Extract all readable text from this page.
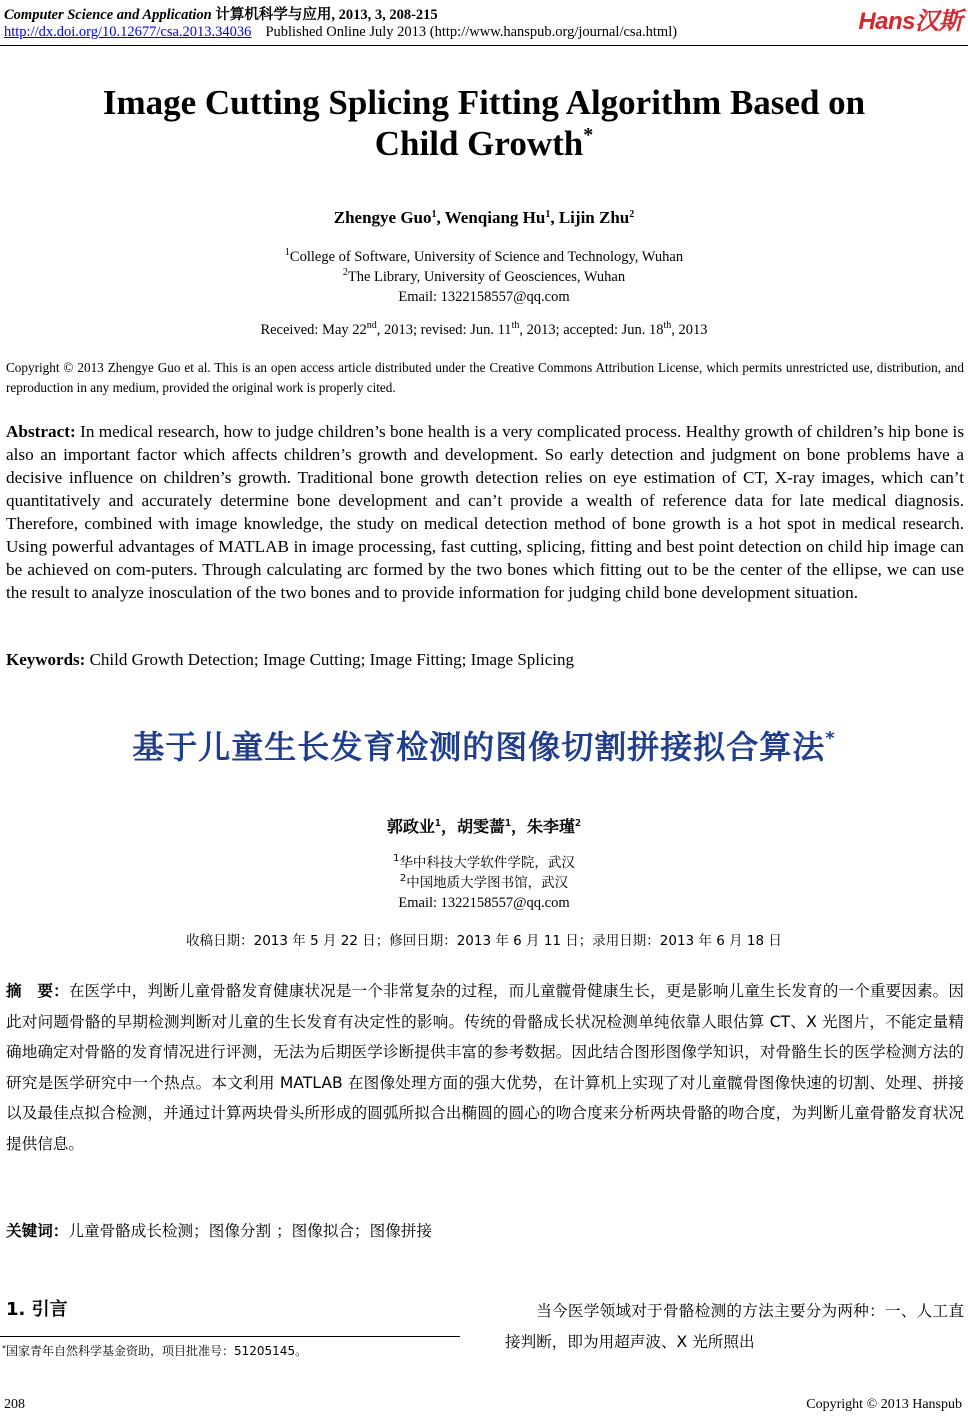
Computer Science and Application 计算机科学与应用, 2013, 3, 208-215
http://dx.doi.org/10.12677/csa.2013.34036 Published Online July 2013 (http://www.hanspub.org/journal/csa.html)	Hans汉斯
Image Cutting Splicing Fitting Algorithm Based on
Child Growth*
Zhengye Guo$^1$, Wenqiang Hu$^1$, Lijin Zhu$^2$
$^1$College of Software, University of Science and Technology, Wuhan
$^2$The Library, University of Geosciences, Wuhan
Email: 1322158557@qq.com
Received: May 22nd, 2013; revised: Jun. 11th, 2013; accepted: Jun. 18th, 2013
Copyright © 2013 Zhengye Guo et al. This is an open access article distributed under the Creative Commons Attribution License, which permits unrestricted use, distribution, and reproduction in any medium, provided the original work is properly cited.
Abstract: In medical research, how to judge children’s bone health is a very complicated process. Healthy growth of children’s hip bone is also an important factor which affects children’s growth and development. So early detection and judgment on bone problems have a decisive influence on children’s growth. Traditional bone growth detection relies on eye estimation of CT, X-ray images, which can’t quantitatively and accurately determine bone development and can’t provide a wealth of reference data for late medical diagnosis. Therefore, combined with image knowledge, the study on medical detection method of bone growth is a hot spot in medical research. Using powerful advantages of MATLAB in image processing, fast cutting, splicing, fitting and best point detection on child hip image can be achieved on com-puters. Through calculating arc formed by the two bones which fitting out to be the center of the ellipse, we can use the result to analyze inosculation of the two bones and to provide information for judging child bone development situation.
Keywords: Child Growth Detection; Image Cutting; Image Fitting; Image Splicing
基于儿童生长发育检测的图像切割拼接拟合算法*
郭政业$^1$，胡雯蔷$^1$，朱李瑾$^2$
$^1$华中科技大学软件学院，武汉
$^2$中国地质大学图书馆，武汉
Email: 1322158557@qq.com
收稿日期：2013 年 5 月 22 日；修回日期：2013 年 6 月 11 日；录用日期：2013 年 6 月 18 日
摘　要：在医学中，判断儿童骨骼发育健康状况是一个非常复杂的过程，而儿童髋骨健康生长，更是影响儿童生长发育的一个重要因素。因此对问题骨骼的早期检测判断对儿童的生长发育有决定性的影响。传统的骨骼成长状况检测单纯依靠人眼估算 CT、X 光图片，不能定量精确地确定对骨骼的发育情况进行评测，无法为后期医学诊断提供丰富的参考数据。因此结合图形图像学知识，对骨骼生长的医学检测方法的研究是医学研究中一个热点。本文利用 MATLAB 在图像处理方面的强大优势，在计算机上实现了对儿童髋骨图像快速的切割、处理、拼接以及最佳点拟合检测，并通过计算两块骨头所形成的圆弧所拟合出椭圆的圆心的吻合度来分析两块骨骼的吻合度，为判断儿童骨骼发育状况提供信息。
关键词：儿童骨骼成长检测；图像分割 ；图像拟合；图像拼接
1. 引言
*国家青年自然科学基金资助，项目批准号：51205145。
当今医学领域对于骨骼检测的方法主要分为两种：一、人工直接判断，即为用超声波、X 光所照出
208	Copyright © 2013 Hanspub
